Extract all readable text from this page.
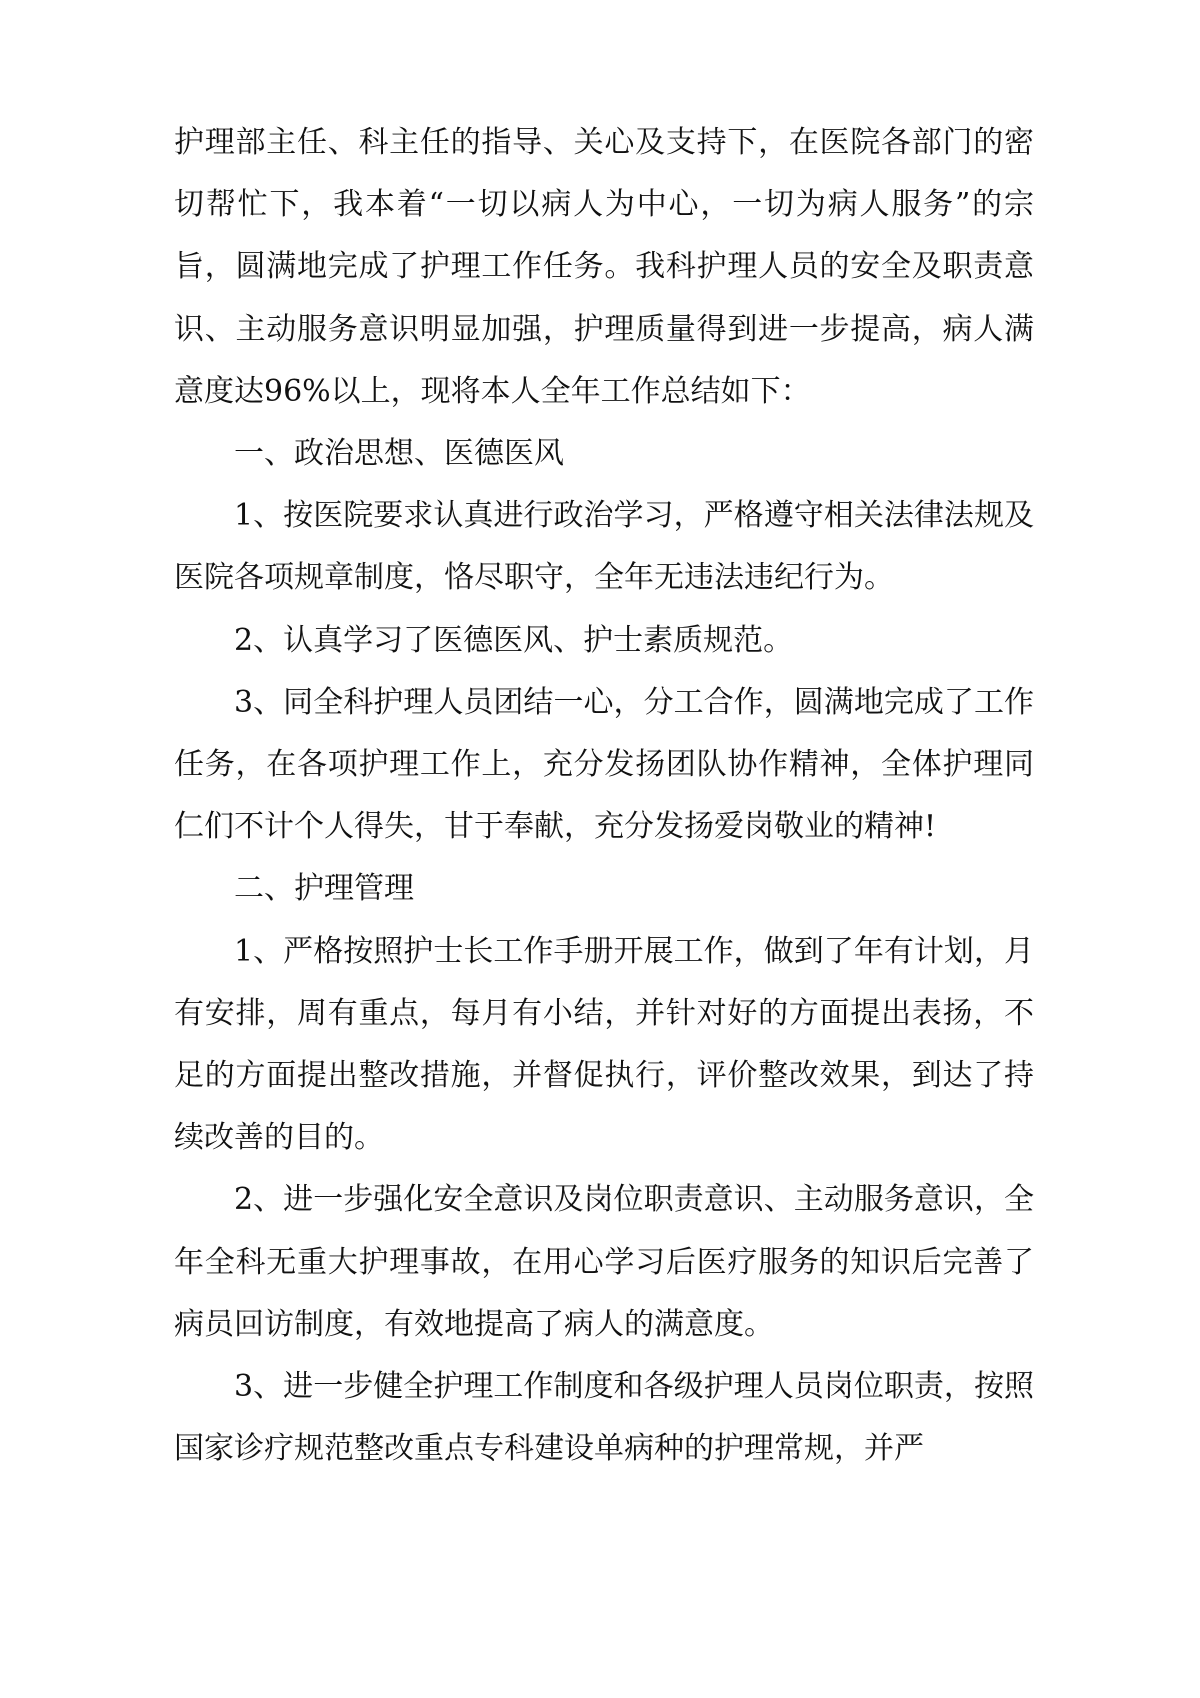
护理部主任、科主任的指导、关心及支持下，在医院各部门的密切帮忙下，我本着“一切以病人为中心，一切为病人服务”的宗旨，圆满地完成了护理工作任务。我科护理人员的安全及职责意识、主动服务意识明显加强，护理质量得到进一步提高，病人满意度达96%以上，现将本人全年工作总结如下：

一、政治思想、医德医风

1、按医院要求认真进行政治学习，严格遵守相关法律法规及医院各项规章制度，恪尽职守，全年无违法违纪行为。

2、认真学习了医德医风、护士素质规范。

3、同全科护理人员团结一心，分工合作，圆满地完成了工作任务，在各项护理工作上，充分发扬团队协作精神，全体护理同仁们不计个人得失，甘于奉献，充分发扬爱岗敬业的精神!

二、护理管理

1、严格按照护士长工作手册开展工作，做到了年有计划，月有安排，周有重点，每月有小结，并针对好的方面提出表扬，不足的方面提出整改措施，并督促执行，评价整改效果，到达了持续改善的目的。

2、进一步强化安全意识及岗位职责意识、主动服务意识，全年全科无重大护理事故，在用心学习后医疗服务的知识后完善了病员回访制度，有效地提高了病人的满意度。

3、进一步健全护理工作制度和各级护理人员岗位职责，按照国家诊疗规范整改重点专科建设单病种的护理常规，并严
